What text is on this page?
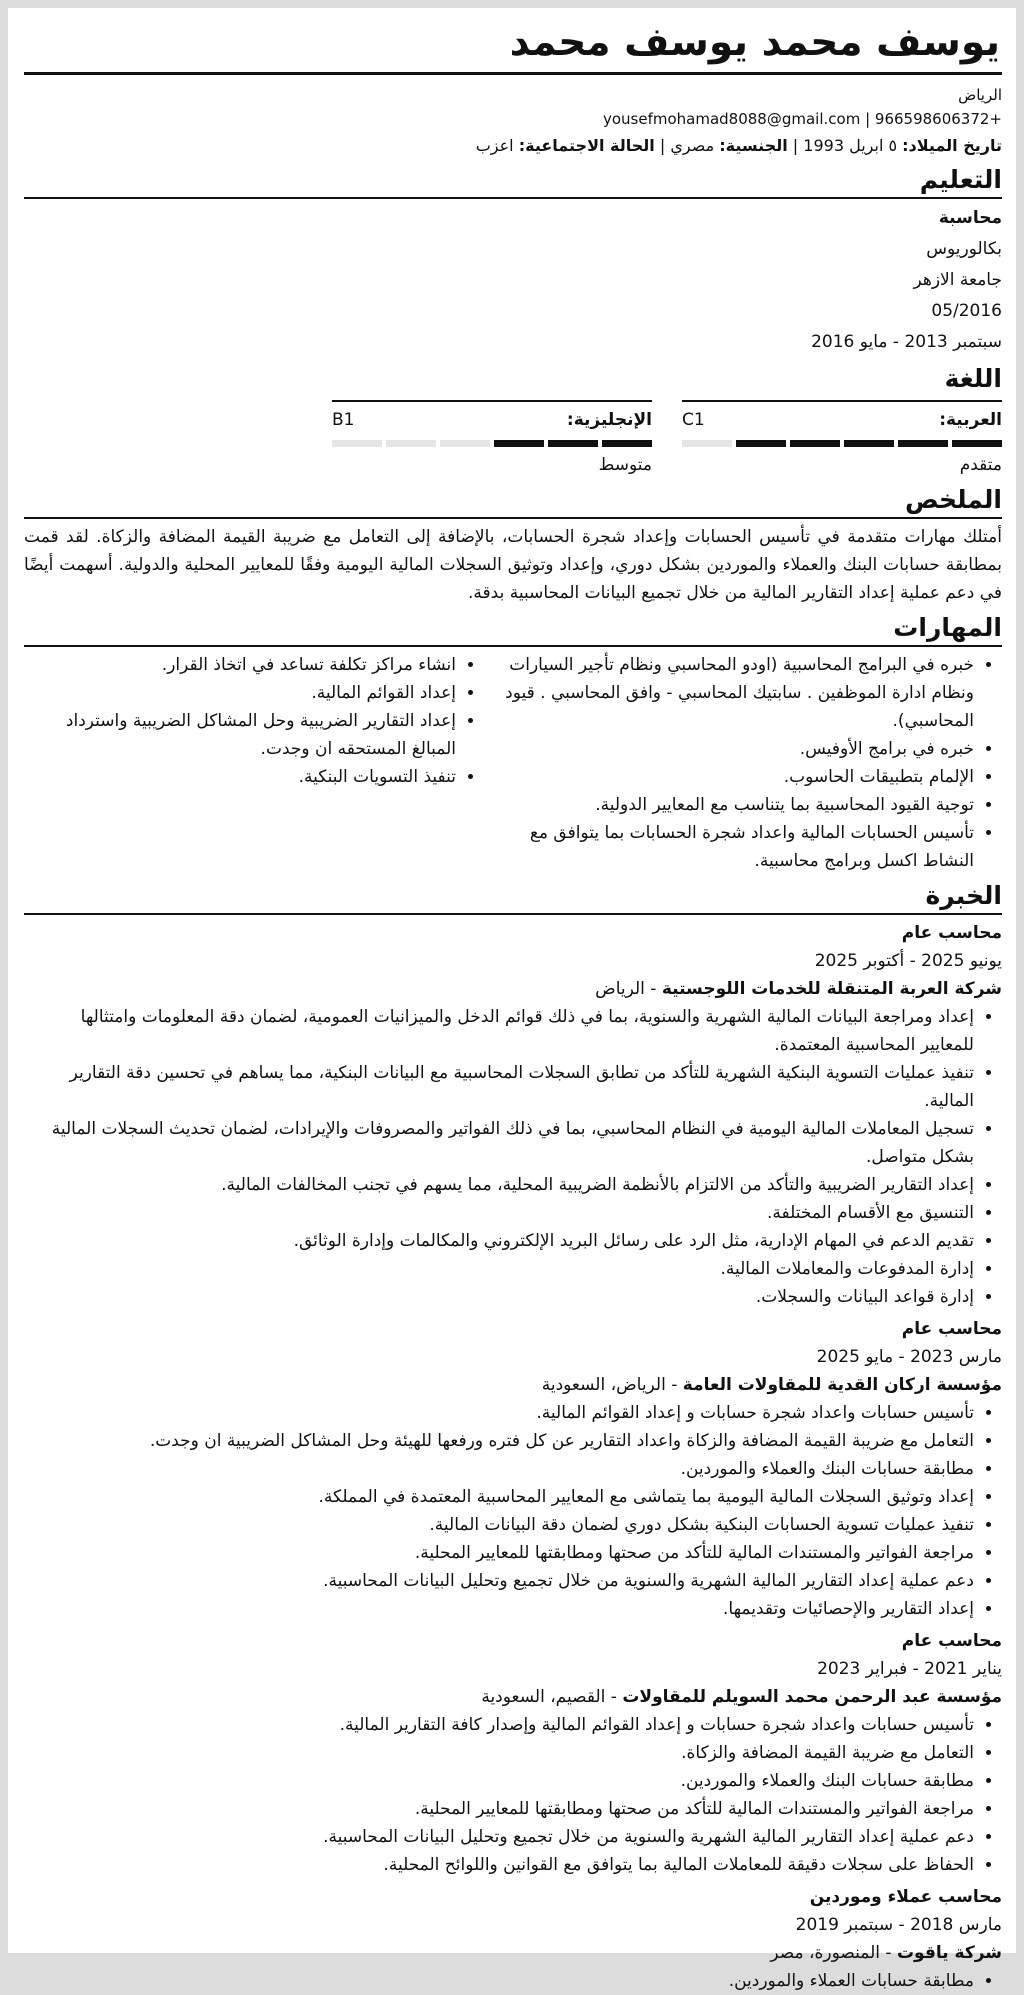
يوسف محمد يوسف محمد

الرياض

yousefmohamad8088@gmail.com | 966598606372+

تاريخ الميلاد: ٥ ابريل 1993 | الجنسية: مصري | الحالة الاجتماعية: اعزب

التعليم

محاسبة

بكالوريوس

جامعة الازهر

05/2016

سبتمبر 2013 - مايو 2016

اللغة
العربية:
C1
متقدم
الإنجليزية:
B1
متوسط
الملخص

أمتلك مهارات متقدمة في تأسيس الحسابات وإعداد شجرة الحسابات، بالإضافة إلى التعامل مع ضريبة القيمة المضافة والزكاة. لقد قمت بمطابقة حسابات البنك والعملاء والموردين بشكل دوري، وإعداد وتوثيق السجلات المالية اليومية وفقًا للمعايير المحلية والدولية. أسهمت أيضًا في دعم عملية إعداد التقارير المالية من خلال تجميع البيانات المحاسبية بدقة.

المهارات
• خبره في البرامج المحاسبية (اودو المحاسبي ونظام تأجير السيارات ونظام ادارة الموظفين . سابتيك المحاسبي - وافق المحاسبي . قيود المحاسبي).
• خبره في برامج الأوفيس.
• الإلمام بتطبيقات الحاسوب.
• توجية القيود المحاسبية بما يتناسب مع المعايير الدولية.
• تأسيس الحسابات المالية واعداد شجرة الحسابات بما يتوافق مع النشاط اكسل وبرامج محاسبية.
• انشاء مراكز تكلفة تساعد في اتخاذ القرار.
• إعداد القوائم المالية.
• إعداد التقارير الضريبية وحل المشاكل الضريبية واسترداد المبالغ المستحقه ان وجدت.
• تنفيذ التسويات البنكية.
الخبرة

محاسب عام

يونيو 2025 - أكتوبر 2025

شركة العربة المتنقلة للخدمات اللوجستية - الرياض

• إعداد ومراجعة البيانات المالية الشهرية والسنوية، بما في ذلك قوائم الدخل والميزانيات العمومية، لضمان دقة المعلومات وامتثالها للمعايير المحاسبية المعتمدة.
• تنفيذ عمليات التسوية البنكية الشهرية للتأكد من تطابق السجلات المحاسبية مع البيانات البنكية، مما يساهم في تحسين دقة التقارير المالية.
• تسجيل المعاملات المالية اليومية في النظام المحاسبي، بما في ذلك الفواتير والمصروفات والإيرادات، لضمان تحديث السجلات المالية بشكل متواصل.
• إعداد التقارير الضريبية والتأكد من الالتزام بالأنظمة الضريبية المحلية، مما يسهم في تجنب المخالفات المالية.
• التنسيق مع الأقسام المختلفة.
• تقديم الدعم في المهام الإدارية، مثل الرد على رسائل البريد الإلكتروني والمكالمات وإدارة الوثائق.
• إدارة المدفوعات والمعاملات المالية.
• إدارة قواعد البيانات والسجلات.

محاسب عام

مارس 2023 - مايو 2025

مؤسسة اركان القدية للمقاولات العامة - الرياض، السعودية

• تأسيس حسابات واعداد شجرة حسابات و إعداد القوائم المالية.
• التعامل مع ضريبة القيمة المضافة والزكاة واعداد التقارير عن كل فتره ورفعها للهيئة وحل المشاكل الضريبية ان وجدت.
• مطابقة حسابات البنك والعملاء والموردين.
• إعداد وتوثيق السجلات المالية اليومية بما يتماشى مع المعايير المحاسبية المعتمدة في المملكة.
• تنفيذ عمليات تسوية الحسابات البنكية بشكل دوري لضمان دقة البيانات المالية.
• مراجعة الفواتير والمستندات المالية للتأكد من صحتها ومطابقتها للمعايير المحلية.
• دعم عملية إعداد التقارير المالية الشهرية والسنوية من خلال تجميع وتحليل البيانات المحاسبية.
• إعداد التقارير والإحصائيات وتقديمها.

محاسب عام

يناير 2021 - فبراير 2023

مؤسسة عبد الرحمن محمد السويلم للمقاولات - القصيم، السعودية

• تأسيس حسابات واعداد شجرة حسابات و إعداد القوائم المالية وإصدار كافة التقارير المالية.
• التعامل مع ضريبة القيمة المضافة والزكاة.
• مطابقة حسابات البنك والعملاء والموردين.
• مراجعة الفواتير والمستندات المالية للتأكد من صحتها ومطابقتها للمعايير المحلية.
• دعم عملية إعداد التقارير المالية الشهرية والسنوية من خلال تجميع وتحليل البيانات المحاسبية.
• الحفاظ على سجلات دقيقة للمعاملات المالية بما يتوافق مع القوانين واللوائح المحلية.

محاسب عملاء وموردين

مارس 2018 - سبتمبر 2019

شركة ياقوت - المنصورة، مصر

• مطابقة حسابات العملاء والموردين.
